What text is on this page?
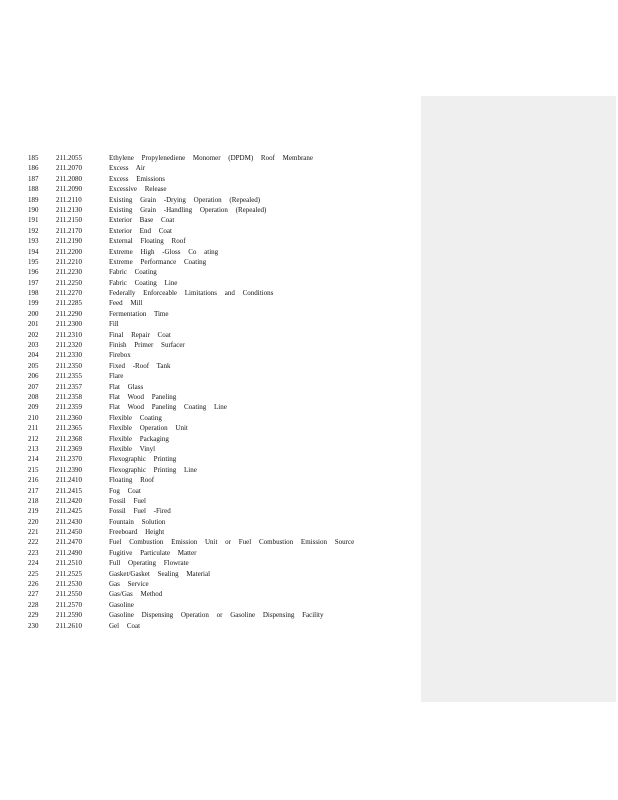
185	211.2055	Ethylene Propylenediene Monomer (DPDM) Roof Membrane
186	211.2070	Excess Air
187	211.2080	Excess Emissions
188	211.2090	Excessive Release
189	211.2110	Existing Grain -Drying Operation (Repealed)
190	211.2130	Existing Grain -Handling Operation (Repealed)
191	211.2150	Exterior Base Coat
192	211.2170	Exterior End Coat
193	211.2190	External Floating Roof
194	211.2200	Extreme High -Gloss Co ating
195	211.2210	Extreme Performance Coating
196	211.2230	Fabric Coating
197	211.2250	Fabric Coating Line
198	211.2270	Federally Enforceable Limitations and Conditions
199	211.2285	Feed Mill
200	211.2290	Fermentation Time
201	211.2300	Fill
202	211.2310	Final Repair Coat
203	211.2320	Finish Primer Surfacer
204	211.2330	Firebox
205	211.2350	Fixed -Roof Tank
206	211.2355	Flare
207	211.2357	Flat Glass
208	211.2358	Flat Wood Paneling
209	211.2359	Flat Wood Paneling Coating Line
210	211.2360	Flexible Coating
211	211.2365	Flexible Operation Unit
212	211.2368	Flexible Packaging
213	211.2369	Flexible Vinyl
214	211.2370	Flexographic Printing
215	211.2390	Flexographic Printing Line
216	211.2410	Floating Roof
217	211.2415	Fog Coat
218	211.2420	Fossil Fuel
219	211.2425	Fossil Fuel -Fired
220	211.2430	Fountain Solution
221	211.2450	Freeboard Height
222	211.2470	Fuel Combustion Emission Unit or Fuel Combustion Emission Source
223	211.2490	Fugitive Particulate Matter
224	211.2510	Full Operating Flowrate
225	211.2525	Gasket/Gasket Sealing Material
226	211.2530	Gas Service
227	211.2550	Gas/Gas Method
228	211.2570	Gasoline
229	211.2590	Gasoline Dispensing Operation or Gasoline Dispensing Facility
230	211.2610	Gel Coat
